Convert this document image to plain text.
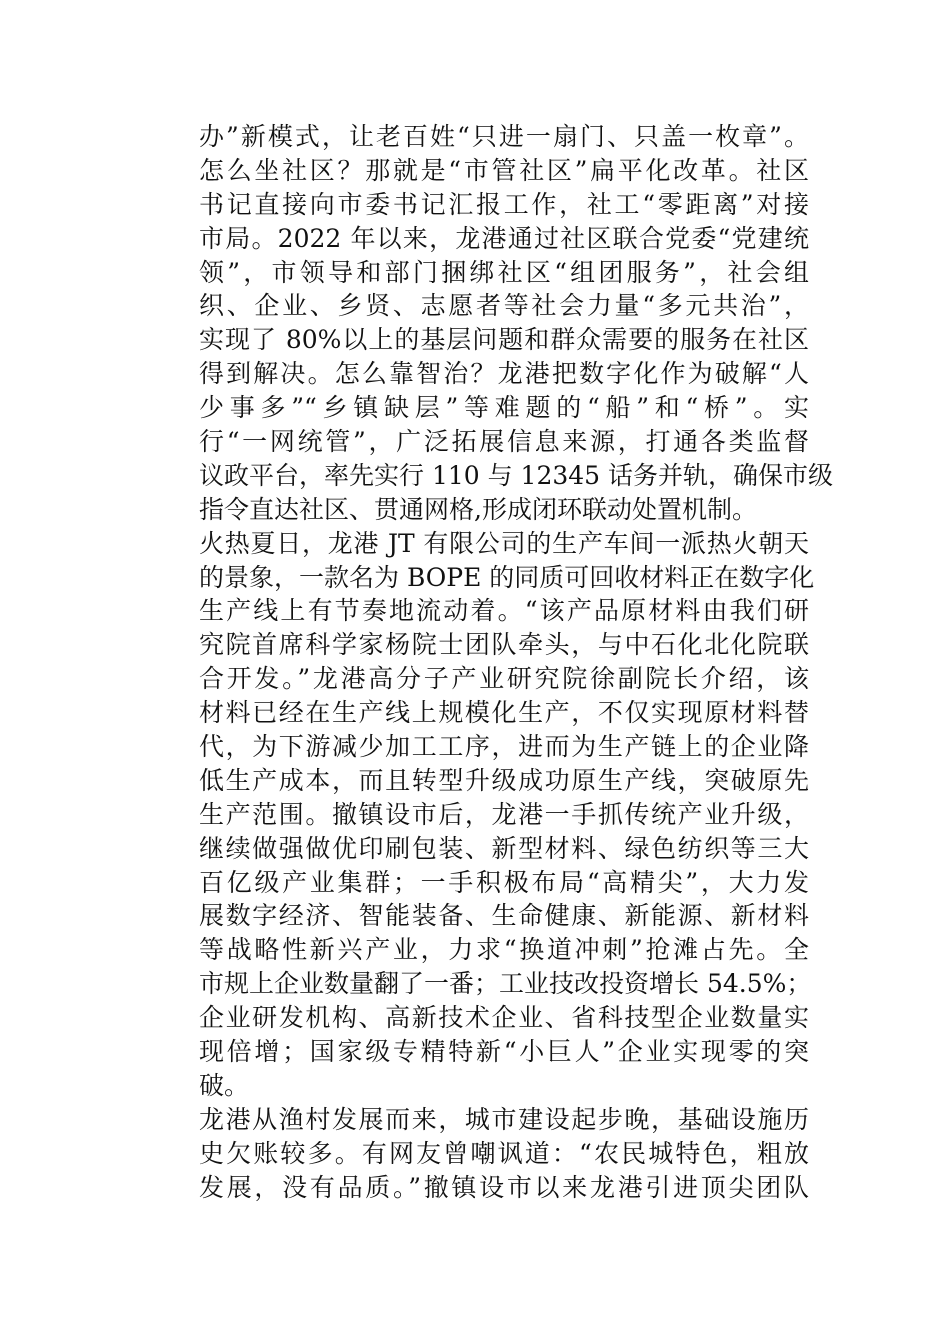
办”新模式，让老百姓“只进一扇门、只盖一枚章”。
怎么坐社区？那就是“市管社区”扁平化改革。社区
书记直接向市委书记汇报工作，社工“零距离”对接
市局。2022 年以来，龙港通过社区联合党委“党建统
领”，市领导和部门捆绑社区“组团服务”，社会组
织、企业、乡贤、志愿者等社会力量“多元共治”，
实现了 80%以上的基层问题和群众需要的服务在社区
得到解决。怎么靠智治？龙港把数字化作为破解“人
少事多”“乡镇缺层”等难题的“船”和“桥”。实
行“一网统管”，广泛拓展信息来源，打通各类监督
议政平台，率先实行 110 与 12345 话务并轨，确保市级
指令直达社区、贯通网格,形成闭环联动处置机制。
火热夏日，龙港 JT 有限公司的生产车间一派热火朝天
的景象，一款名为 BOPE 的同质可回收材料正在数字化
生产线上有节奏地流动着。“该产品原材料由我们研
究院首席科学家杨院士团队牵头，与中石化北化院联
合开发。”龙港高分子产业研究院徐副院长介绍，该
材料已经在生产线上规模化生产，不仅实现原材料替
代，为下游减少加工工序，进而为生产链上的企业降
低生产成本，而且转型升级成功原生产线，突破原先
生产范围。撤镇设市后，龙港一手抓传统产业升级，
继续做强做优印刷包装、新型材料、绿色纺织等三大
百亿级产业集群；一手积极布局“高精尖”，大力发
展数字经济、智能装备、生命健康、新能源、新材料
等战略性新兴产业，力求“换道冲刺”抢滩占先。全
市规上企业数量翻了一番；工业技改投资增长 54.5%；
企业研发机构、高新技术企业、省科技型企业数量实
现倍增；国家级专精特新“小巨人”企业实现零的突
破。
龙港从渔村发展而来，城市建设起步晚，基础设施历
史欠账较多。有网友曾嘲讽道：“农民城特色，粗放
发展，没有品质。”撤镇设市以来龙港引进顶尖团队
